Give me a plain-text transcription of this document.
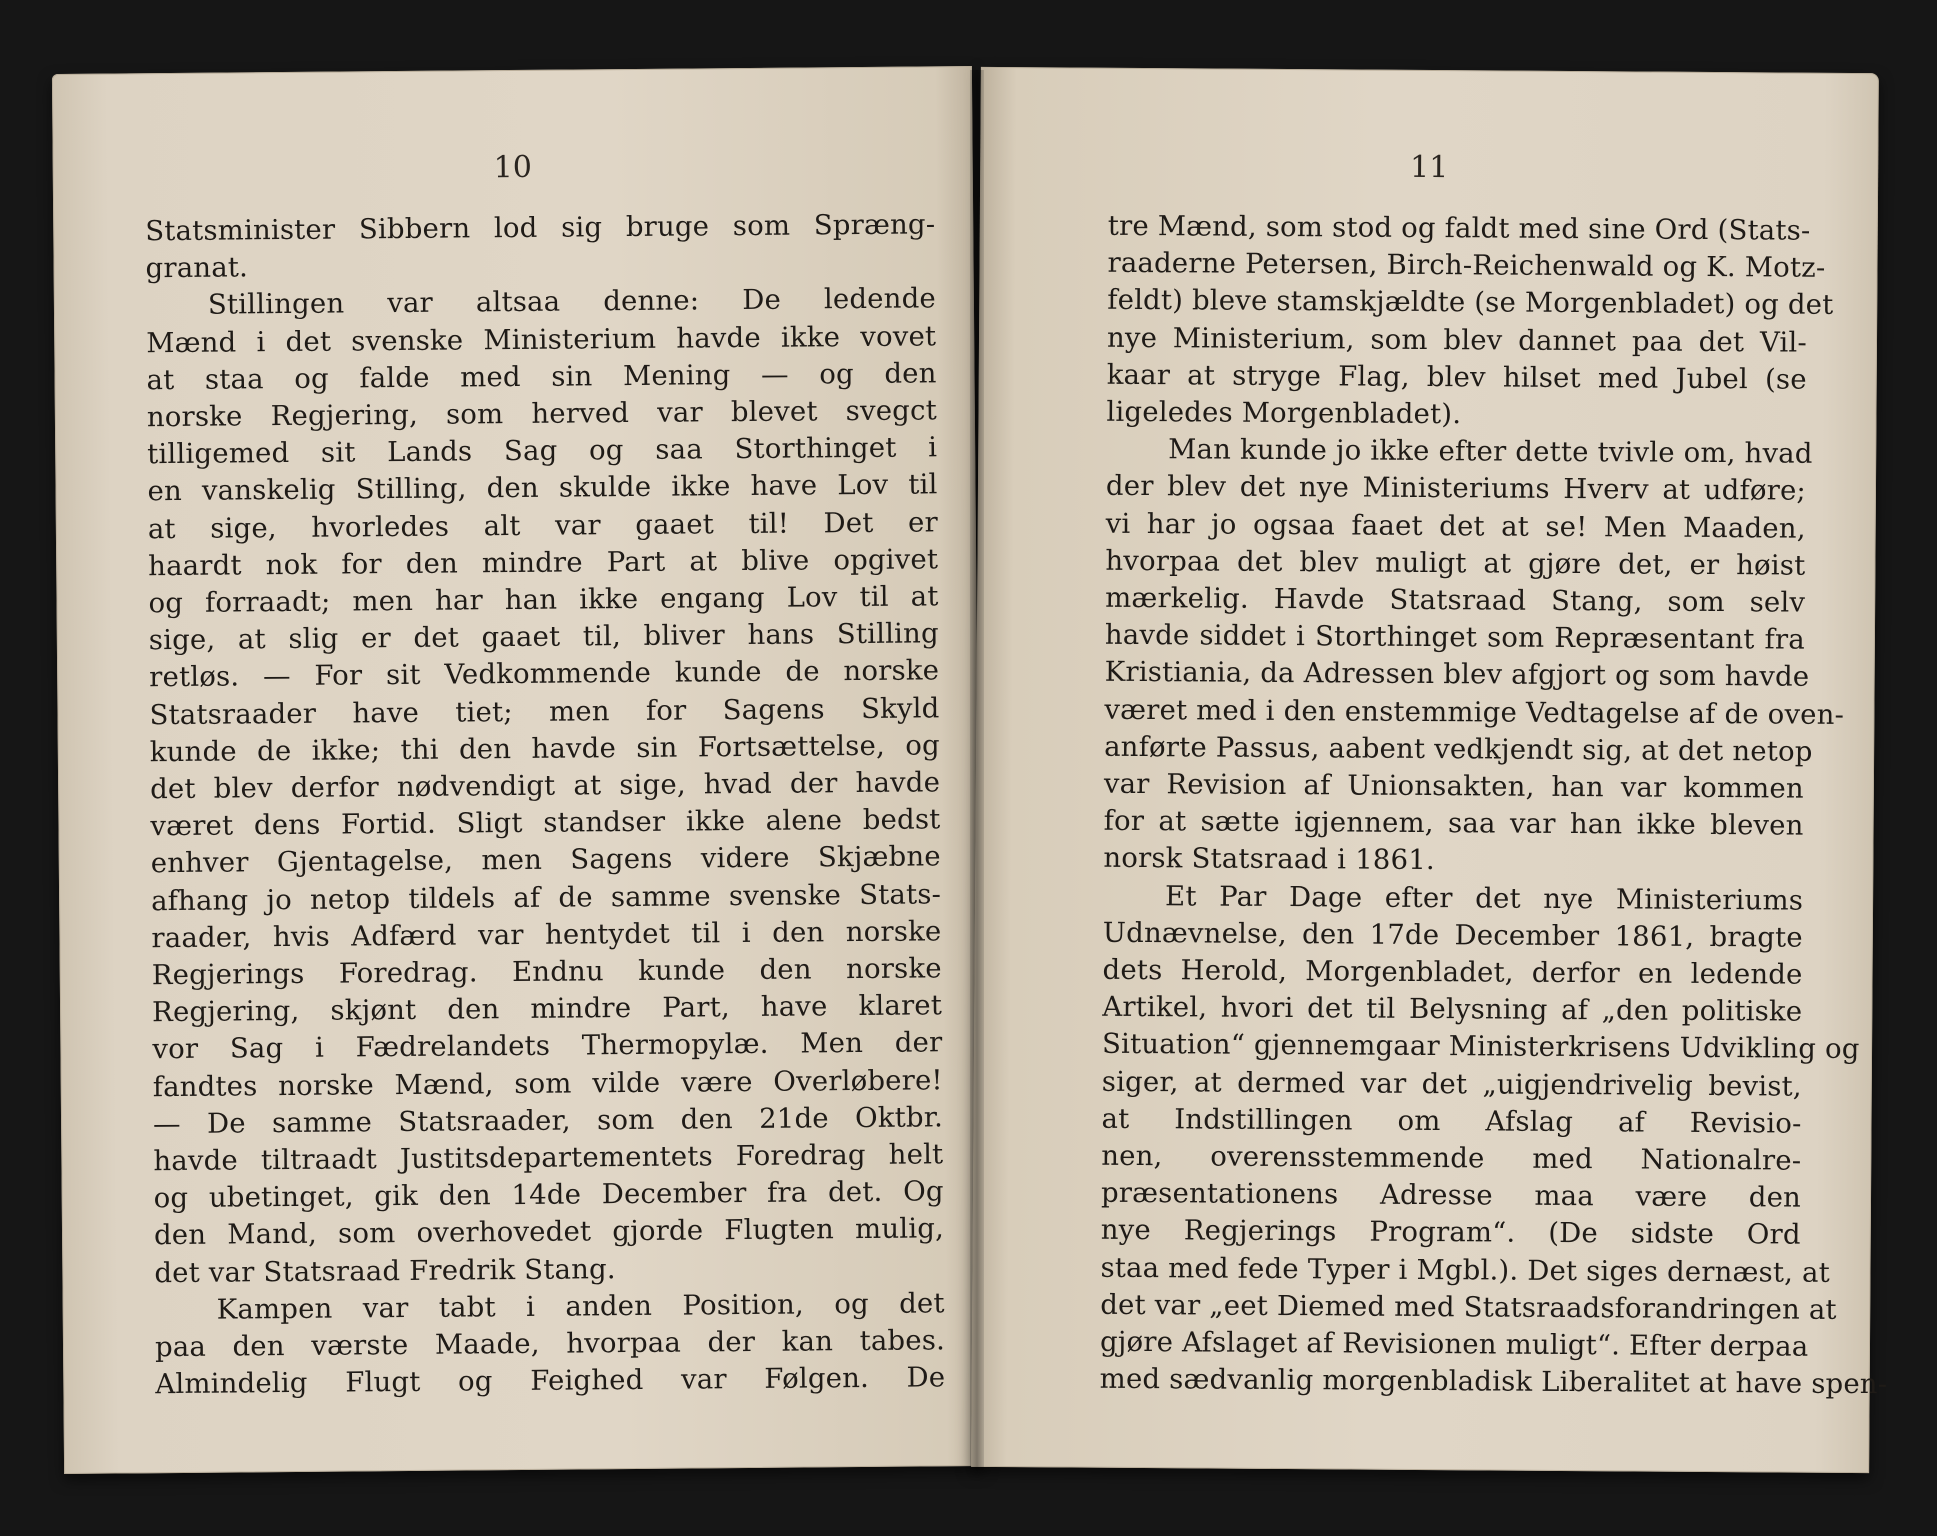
10
Statsminister Sibbern lod sig bruge som Spræng-
granat.
Stillingen var altsaa denne: De ledende
Mænd i det svenske Ministerium havde ikke vovet
at staa og falde med sin Mening — og den
norske Regjering, som herved var blevet svegct
tilligemed sit Lands Sag og saa Storthinget i
en vanskelig Stilling, den skulde ikke have Lov til
at sige, hvorledes alt var gaaet til! Det er
haardt nok for den mindre Part at blive opgivet
og forraadt; men har han ikke engang Lov til at
sige, at slig er det gaaet til, bliver hans Stilling
retløs. — For sit Vedkommende kunde de norske
Statsraader have tiet; men for Sagens Skyld
kunde de ikke; thi den havde sin Fortsættelse, og
det blev derfor nødvendigt at sige, hvad der havde
været dens Fortid. Sligt standser ikke alene bedst
enhver Gjentagelse, men Sagens videre Skjæbne
afhang jo netop tildels af de samme svenske Stats-
raader, hvis Adfærd var hentydet til i den norske
Regjerings Foredrag. Endnu kunde den norske
Regjering, skjønt den mindre Part, have klaret
vor Sag i Fædrelandets Thermopylæ. Men der
fandtes norske Mænd, som vilde være Overløbere!
— De samme Statsraader, som den 21de Oktbr.
havde tiltraadt Justitsdepartementets Foredrag helt
og ubetinget, gik den 14de December fra det. Og
den Mand, som overhovedet gjorde Flugten mulig,
det var Statsraad Fredrik Stang.
Kampen var tabt i anden Position, og det
paa den værste Maade, hvorpaa der kan tabes.
Almindelig Flugt og Feighed var Følgen. De
11
tre Mænd, som stod og faldt med sine Ord (Stats-
raaderne Petersen, Birch-Reichenwald og K. Motz-
feldt) bleve stamskjældte (se Morgenbladet) og det
nye Ministerium, som blev dannet paa det Vil-
kaar at stryge Flag, blev hilset med Jubel (se
ligeledes Morgenbladet).
Man kunde jo ikke efter dette tvivle om, hvad
der blev det nye Ministeriums Hverv at udføre;
vi har jo ogsaa faaet det at se! Men Maaden,
hvorpaa det blev muligt at gjøre det, er høist
mærkelig. Havde Statsraad Stang, som selv
havde siddet i Storthinget som Repræsentant fra
Kristiania, da Adressen blev afgjort og som havde
været med i den enstemmige Vedtagelse af de oven-
anførte Passus, aabent vedkjendt sig, at det netop
var Revision af Unionsakten, han var kommen
for at sætte igjennem, saa var han ikke bleven
norsk Statsraad i 1861.
Et Par Dage efter det nye Ministeriums
Udnævnelse, den 17de December 1861, bragte
dets Herold, Morgenbladet, derfor en ledende
Artikel, hvori det til Belysning af „den politiske
Situation“ gjennemgaar Ministerkrisens Udvikling og
siger, at dermed var det „uigjendrivelig bevist,
at Indstillingen om Afslag af Revisio-
nen, overensstemmende med Nationalre-
præsentationens Adresse maa være den
nye Regjerings Program“. (De sidste Ord
staa med fede Typer i Mgbl.). Det siges dernæst, at
det var „eet Diemed med Statsraadsforandringen at
gjøre Afslaget af Revisionen muligt“. Efter derpaa
med sædvanlig morgenbladisk Liberalitet at have spen-
